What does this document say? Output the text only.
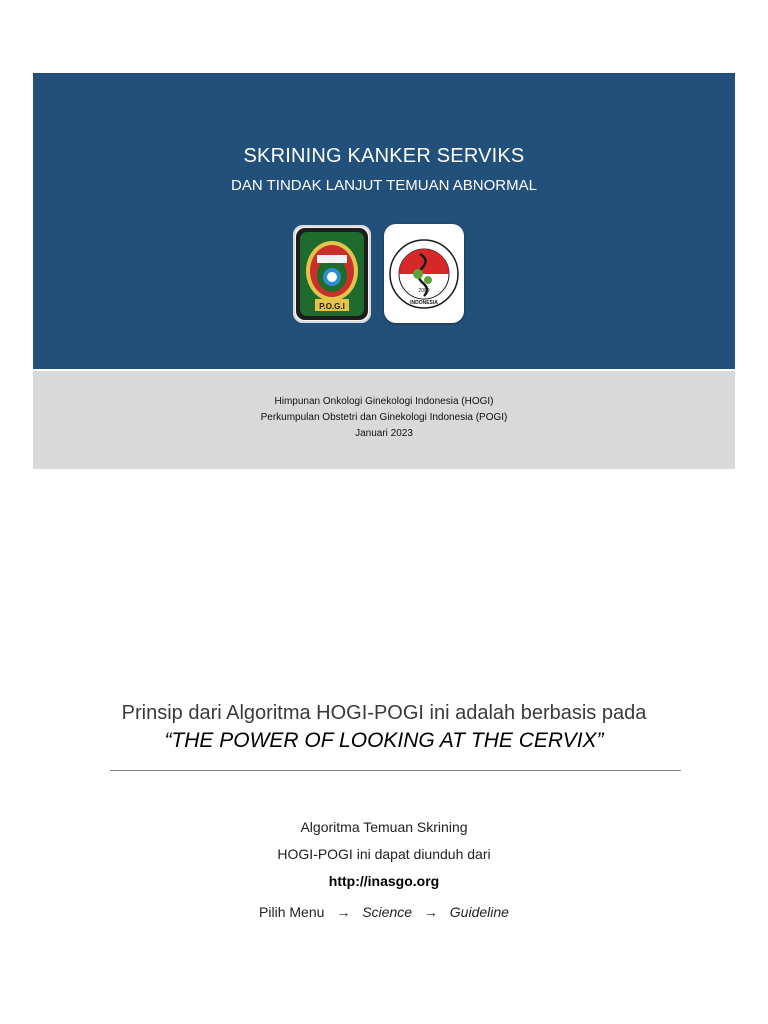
SKRINING KANKER SERVIKS
DAN TINDAK LANJUT TEMUAN ABNORMAL
P.O.G.I
2000
INDONESIA
Himpunan Onkologi Ginekologi Indonesia (HOGI)
Perkumpulan Obstetri dan Ginekologi Indonesia (POGI)
Januari 2023
Prinsip dari Algoritma HOGI-POGI ini adalah berbasis pada
“THE POWER OF LOOKING AT THE CERVIX”
Algoritma Temuan Skrining
HOGI-POGI ini dapat diunduh dari
http://inasgo.org
Pilih Menu → Science → Guideline
